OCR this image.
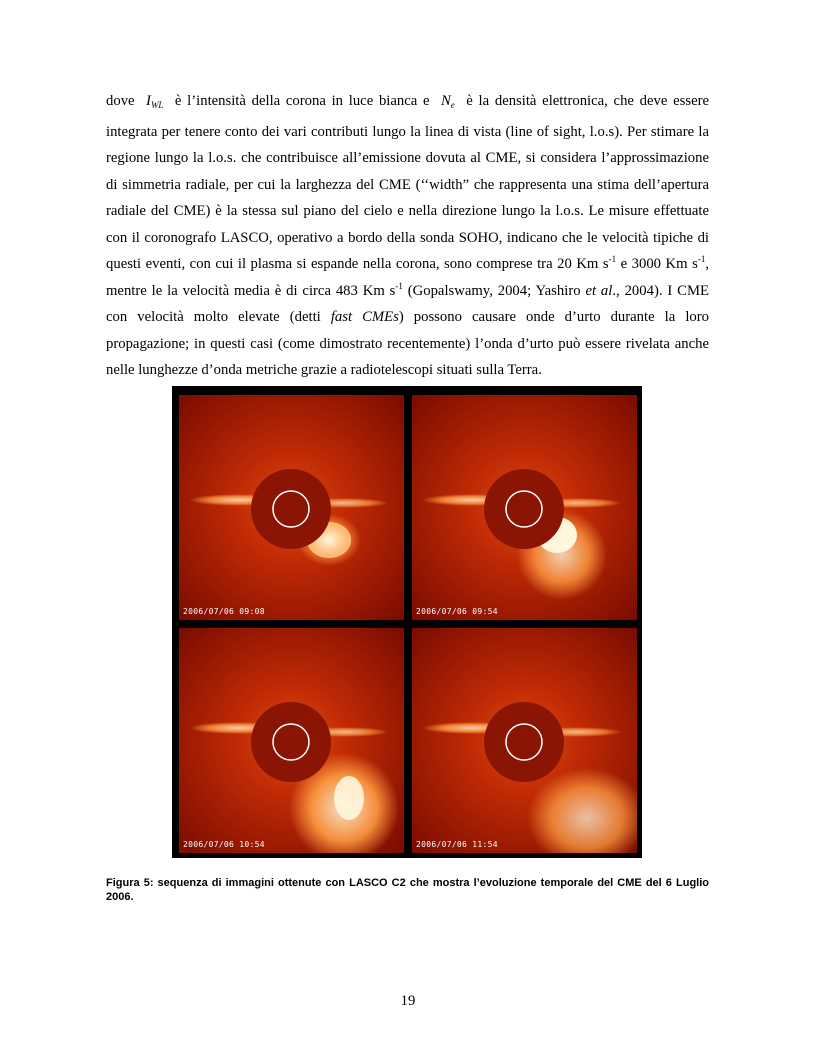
dove $I_{WL}$ è l’intensità della corona in luce bianca e $N_e$ è la densità elettronica, che deve essere integrata per tenere conto dei vari contributi lungo la linea di vista (line of sight, l.o.s). Per stimare la regione lungo la l.o.s. che contribuisce all’emissione dovuta al CME, si considera l’approssimazione di simmetria radiale, per cui la larghezza del CME (‘‘width” che rappresenta una stima dell’apertura radiale del CME) è la stessa sul piano del cielo e nella direzione lungo la l.o.s. Le misure effettuate con il coronografo LASCO, operativo a bordo della sonda SOHO, indicano che le velocità tipiche di questi eventi, con cui il plasma si espande nella corona, sono comprese tra 20 Km $s^{-1}$ e 3000 Km $s^{-1}$, mentre le la velocità media è di circa 483 Km $s^{-1}$ (Gopalswamy, 2004; Yashiro et al., 2004). I CME con velocità molto elevate (detti fast CMEs) possono causare onde d’urto durante la loro propagazione; in questi casi (come dimostrato recentemente) l’onda d’urto può essere rivelata anche nelle lunghezze d’onda metriche grazie a radiotelescopi situati sulla Terra.

2006/07/06 09:08	2006/07/06 09:54
2006/07/06 10:54	2006/07/06 11:54

Figura 5: sequenza di immagini ottenute con LASCO C2 che mostra l’evoluzione temporale del CME del 6 Luglio 2006.

19
